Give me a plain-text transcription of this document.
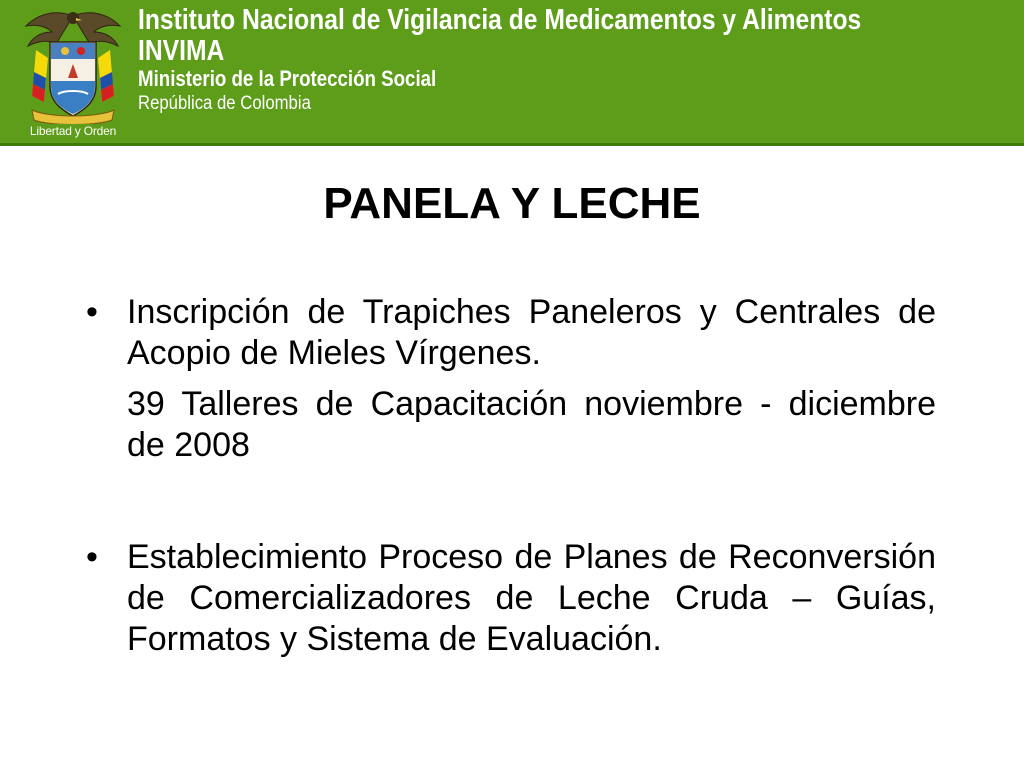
Libertad y Orden
Instituto Nacional de Vigilancia de Medicamentos y Alimentos
INVIMA
Ministerio de la Protección Social
República de Colombia
PANELA Y LECHE
• Inscripción de Trapiches Paneleros y Centrales de Acopio de Mieles Vírgenes.
39 Talleres de Capacitación noviembre - diciembre de 2008
• Establecimiento Proceso de Planes de Reconversión de Comercializadores de Leche Cruda – Guías, Formatos y Sistema de Evaluación.
